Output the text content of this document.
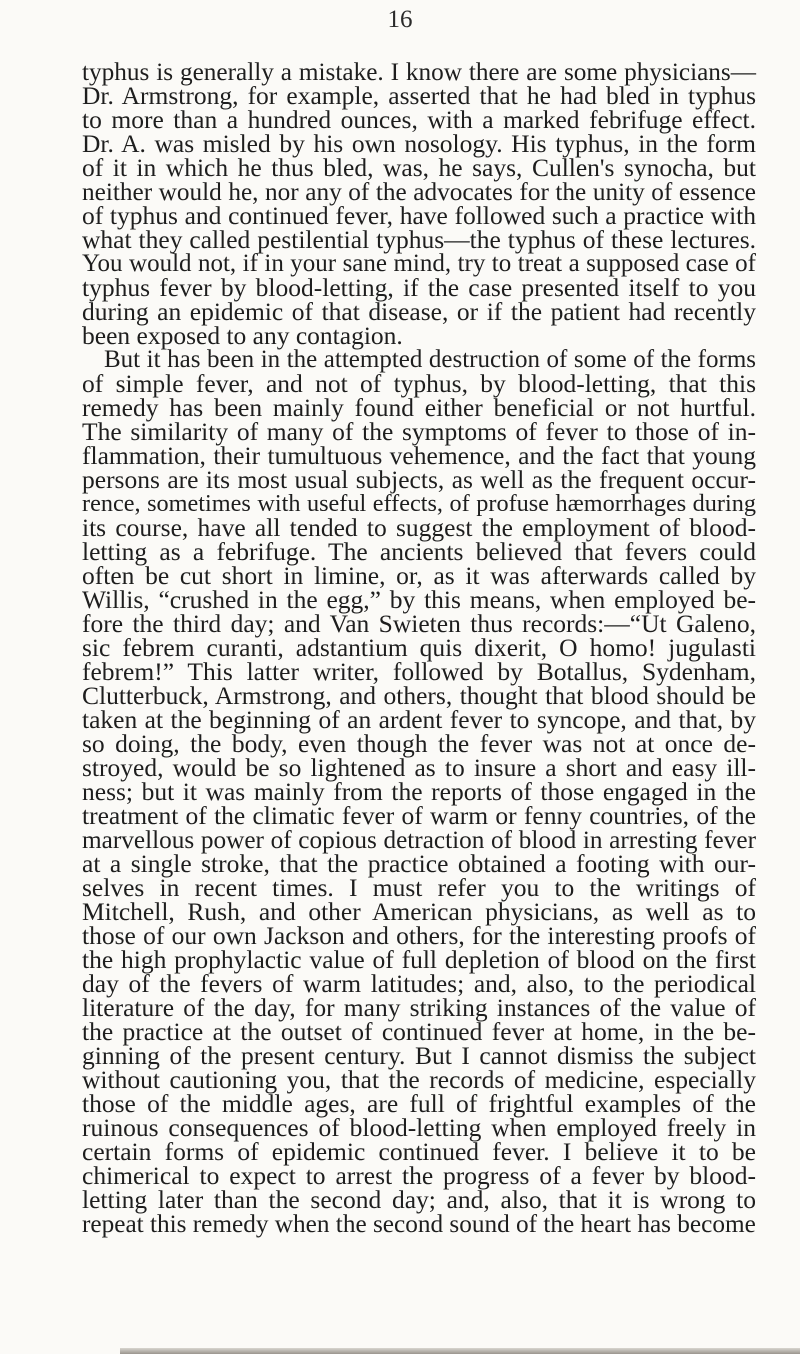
16
typhus is generally a mistake. I know there are some physicians—
Dr. Armstrong, for example, asserted that he had bled in typhus
to more than a hundred ounces, with a marked febrifuge effect.
Dr. A. was misled by his own nosology. His typhus, in the form
of it in which he thus bled, was, he says, Cullen's synocha, but
neither would he, nor any of the advocates for the unity of essence
of typhus and continued fever, have followed such a practice with
what they called pestilential typhus—the typhus of these lectures.
You would not, if in your sane mind, try to treat a supposed case of
typhus fever by blood-letting, if the case presented itself to you
during an epidemic of that disease, or if the patient had recently
been exposed to any contagion.
But it has been in the attempted destruction of some of the forms
of simple fever, and not of typhus, by blood-letting, that this
remedy has been mainly found either beneficial or not hurtful.
The similarity of many of the symptoms of fever to those of in-
flammation, their tumultuous vehemence, and the fact that young
persons are its most usual subjects, as well as the frequent occur-
rence, sometimes with useful effects, of profuse hæmorrhages during
its course, have all tended to suggest the employment of blood-
letting as a febrifuge. The ancients believed that fevers could
often be cut short in limine, or, as it was afterwards called by
Willis, “crushed in the egg,” by this means, when employed be-
fore the third day; and Van Swieten thus records:—“Ut Galeno,
sic febrem curanti, adstantium quis dixerit, O homo! jugulasti
febrem!” This latter writer, followed by Botallus, Sydenham,
Clutterbuck, Armstrong, and others, thought that blood should be
taken at the beginning of an ardent fever to syncope, and that, by
so doing, the body, even though the fever was not at once de-
stroyed, would be so lightened as to insure a short and easy ill-
ness; but it was mainly from the reports of those engaged in the
treatment of the climatic fever of warm or fenny countries, of the
marvellous power of copious detraction of blood in arresting fever
at a single stroke, that the practice obtained a footing with our-
selves in recent times. I must refer you to the writings of
Mitchell, Rush, and other American physicians, as well as to
those of our own Jackson and others, for the interesting proofs of
the high prophylactic value of full depletion of blood on the first
day of the fevers of warm latitudes; and, also, to the periodical
literature of the day, for many striking instances of the value of
the practice at the outset of continued fever at home, in the be-
ginning of the present century. But I cannot dismiss the subject
without cautioning you, that the records of medicine, especially
those of the middle ages, are full of frightful examples of the
ruinous consequences of blood-letting when employed freely in
certain forms of epidemic continued fever. I believe it to be
chimerical to expect to arrest the progress of a fever by blood-
letting later than the second day; and, also, that it is wrong to
repeat this remedy when the second sound of the heart has become
